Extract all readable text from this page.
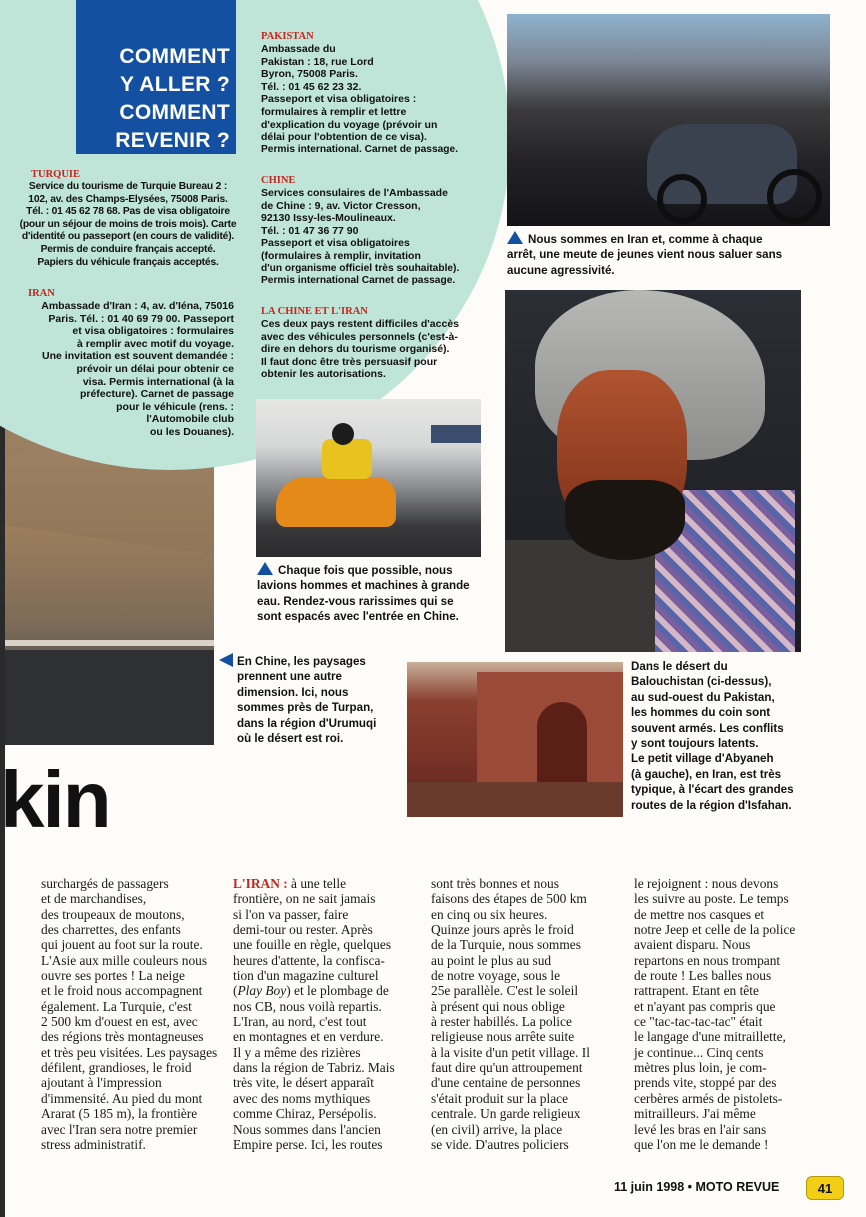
COMMENT
Y ALLER ?
COMMENT
REVENIR ?
TURQUIE

Service du tourisme de Turquie Bureau 2 :

102, av. des Champs-Elysées, 75008 Paris.

Tél. : 01 45 62 78 68. Pas de visa obligatoire

(pour un séjour de moins de trois mois). Carte

d'identité ou passeport (en cours de validité).

Permis de conduire français accepté.

Papiers du véhicule français acceptés.

IRAN

Ambassade d'Iran : 4, av. d'Iéna, 75016

Paris. Tél. : 01 40 69 79 00. Passeport

et visa obligatoires : formulaires

à remplir avec motif du voyage.

Une invitation est souvent demandée :

prévoir un délai pour obtenir ce

visa. Permis international (à la

préfecture). Carnet de passage

pour le véhicule (rens. :

l'Automobile club

ou les Douanes).

PAKISTAN

Ambassade du

Pakistan : 18, rue Lord

Byron, 75008 Paris.

Tél. : 01 45 62 23 32.

Passeport et visa obligatoires :

formulaires à remplir et lettre

d'explication du voyage (prévoir un

délai pour l'obtention de ce visa).

Permis international. Carnet de passage.

CHINE

Services consulaires de l'Ambassade

de Chine : 9, av. Victor Cresson,

92130 Issy-les-Moulineaux.

Tél. : 01 47 36 77 90

Passeport et visa obligatoires

(formulaires à remplir, invitation

d'un organisme officiel très souhaitable).

Permis international Carnet de passage.

LA CHINE ET L'IRAN

Ces deux pays restent difficiles d'accès

avec des véhicules personnels (c'est-à-

dire en dehors du tourisme organisé).

Il faut donc être très persuasif pour

obtenir les autorisations.

Nous sommes en Iran et, comme à chaque
arrêt, une meute de jeunes vient nous saluer sans
aucune agressivité.
Chaque fois que possible, nous
lavions hommes et machines à grande
eau. Rendez-vous rarissimes qui se
sont espacés avec l'entrée en Chine.
En Chine, les paysages
prennent une autre
dimension. Ici, nous
sommes près de Turpan,
dans la région d'Urumuqi
où le désert est roi.
Dans le désert du
Balouchistan (ci-dessus),
au sud-ouest du Pakistan,
les hommes du coin sont
souvent armés. Les conflits
y sont toujours latents.
Le petit village d'Abyaneh
(à gauche), en Iran, est très
typique, à l'écart des grandes
routes de la région d'Isfahan.
kin

surchargés de passagers

et de marchandises,

des troupeaux de moutons,

des charrettes, des enfants

qui jouent au foot sur la route.

L'Asie aux mille couleurs nous

ouvre ses portes ! La neige

et le froid nous accompagnent

également. La Turquie, c'est

2 500 km d'ouest en est, avec

des régions très montagneuses

et très peu visitées. Les paysages

défilent, grandioses, le froid

ajoutant à l'impression

d'immensité. Au pied du mont

Ararat (5 185 m), la frontière

avec l'Iran sera notre premier

stress administratif.

L'IRAN : à une telle

frontière, on ne sait jamais

si l'on va passer, faire

demi-tour ou rester. Après

une fouille en règle, quelques

heures d'attente, la confisca-

tion d'un magazine culturel

(Play Boy) et le plombage de

nos CB, nous voilà repartis.

L'Iran, au nord, c'est tout

en montagnes et en verdure.

Il y a même des rizières

dans la région de Tabriz. Mais

très vite, le désert apparaît

avec des noms mythiques

comme Chiraz, Persépolis.

Nous sommes dans l'ancien

Empire perse. Ici, les routes

sont très bonnes et nous

faisons des étapes de 500 km

en cinq ou six heures.

Quinze jours après le froid

de la Turquie, nous sommes

au point le plus au sud

de notre voyage, sous le

25e parallèle. C'est le soleil

à présent qui nous oblige

à rester habillés. La police

religieuse nous arrête suite

à la visite d'un petit village. Il

faut dire qu'un attroupement

d'une centaine de personnes

s'était produit sur la place

centrale. Un garde religieux

(en civil) arrive, la place

se vide. D'autres policiers

le rejoignent : nous devons

les suivre au poste. Le temps

de mettre nos casques et

notre Jeep et celle de la police

avaient disparu. Nous

repartons en nous trompant

de route ! Les balles nous

rattrapent. Etant en tête

et n'ayant pas compris que

ce "tac-tac-tac-tac" était

le langage d'une mitraillette,

je continue... Cinq cents

mètres plus loin, je com-

prends vite, stoppé par des

cerbères armés de pistolets-

mitrailleurs. J'ai même

levé les bras en l'air sans

que l'on me le demande !

11 juin 1998 • MOTO REVUE	41
